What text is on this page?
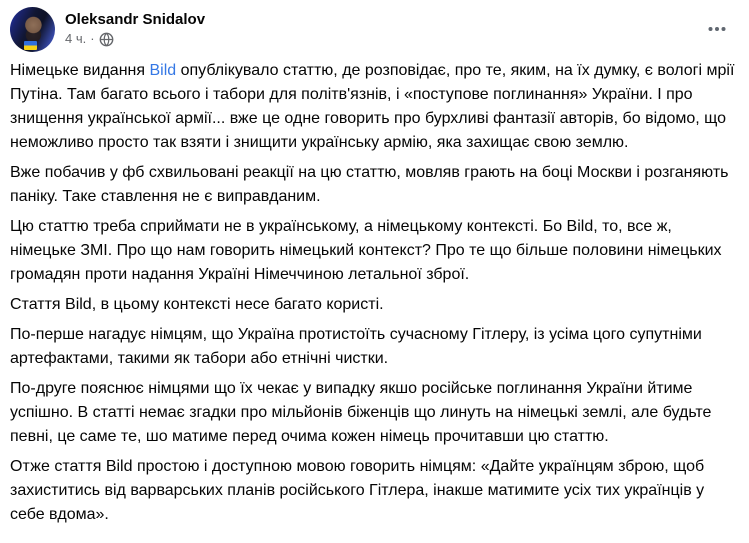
Oleksandr Snidalov
4 ч. ·

Німецьке видання Bild опублікувало статтю, де розповідає, про те, яким, на їх думку, є вологі мрії Путіна. Там багато всього і табори для політв'язнів, і «поступове поглинання» України. І про знищення української армії... вже це одне говорить про бурхливі фантазії авторів, бо відомо, що неможливо просто так взяти і знищити українську армію, яка захищає свою землю.

Вже побачив у фб схвильовані реакції на цю статтю, мовляв грають на боці Москви і розганяють паніку. Таке ставлення не є виправданим.

Цю статтю треба сприймати не в українському, а німецькому контексті. Бо Bild, то, все ж, німецьке ЗМІ. Про що нам говорить німецький контекст? Про те що більше половини німецьких громадян проти надання Україні Німеччиною летальної зброї.

Стаття Bild, в цьому контексті несе багато користі.

По-перше нагадує німцям, що Україна протистоїть сучасному Гітлеру, із усіма цого супутніми артефактами, такими як табори або етнічні чистки.

По-друге пояснює німцями що їх чекає у випадку якшо російське поглинання України йтиме успішно. В статті немає згадки про мільйонів біженців що линуть на німецькі землі, але будьте певні, це саме те, шо матиме перед очима кожен німець прочитавши цю статтю.

Отже стаття Bild простою і доступною мовою говорить німцям: «Дайте українцям зброю, щоб захиститись від варварських планів російського Гітлера, інакше матимите усіх тих українців у себе вдома».
